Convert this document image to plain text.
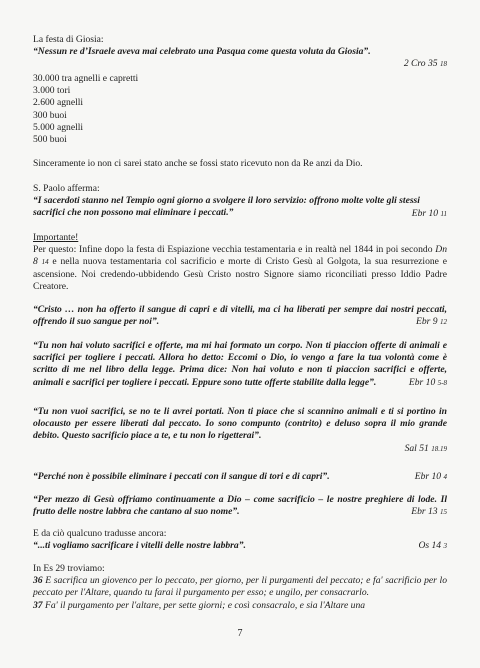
La festa di Giosia:

“Nessun re d’Israele aveva mai celebrato una Pasqua come questa voluta da Giosia”.

2 Cro 35 18

30.000 tra agnelli e capretti

3.000 tori

2.600 agnelli

300 buoi

5.000 agnelli

500 buoi

Sinceramente io non ci sarei stato anche se fossi stato ricevuto non da Re anzi da Dio.

S. Paolo afferma:

“I sacerdoti stanno nel Tempio ogni giorno a svolgere il loro servizio: offrono molte volte gli stessi sacrifici che non possono mai eliminare i peccati.”	Ebr 10 11

Importante!

Per questo: Infine dopo la festa di Espiazione vecchia testamentaria e in realtà nel 1844 in poi secondo Dn 8 14 e nella nuova testamentaria col sacrificio e morte di Cristo Gesù al Golgota, la sua resurrezione e ascensione. Noi credendo-ubbidendo Gesù Cristo nostro Signore siamo riconciliati presso Iddio Padre Creatore.

“Cristo … non ha offerto il sangue di capri e di vitelli, ma ci ha liberati per sempre dai nostri peccati, offrendo il suo sangue per noi”.	Ebr 9 12

“Tu non hai voluto sacrifici e offerte, ma mi hai formato un corpo. Non ti piaccion offerte di animali e sacrifici per togliere i peccati. Allora ho detto: Eccomi o Dio, io vengo a fare la tua volontà come è scritto di me nel libro della legge. Prima dice: Non hai voluto e non ti piaccion sacrifici e offerte, animali e sacrifici per togliere i peccati. Eppure sono tutte offerte stabilite dalla legge”.	Ebr 10 5-8

“Tu non vuoi sacrifici, se no te li avrei portati. Non ti piace che si scannino animali e ti si portino in olocausto per essere liberati dal peccato. Io sono compunto (contrito) e deluso sopra il mio grande debito. Questo sacrificio piace a te, e tu non lo rigetterai”.

Sal 51 18.19

“Perché non è possibile eliminare i peccati con il sangue di tori e di capri”.	Ebr 10 4

“Per mezzo di Gesù offriamo continuamente a Dio – come sacrificio – le nostre preghiere di lode. Il frutto delle nostre labbra che cantano al suo nome”.	Ebr 13 15

E da ciò qualcuno tradusse ancora:

“...ti vogliamo sacrificare i vitelli delle nostre labbra”.	Os 14 3

In Es 29 troviamo:

36 E sacrifica un giovenco per lo peccato, per giorno, per li purgamenti del peccato; e fa' sacrificio per lo peccato per l'Altare, quando tu farai il purgamento per esso; e ungilo, per consacrarlo.

37 Fa' il purgamento per l'altare, per sette giorni; e così consacralo, e sia l'Altare una

7
